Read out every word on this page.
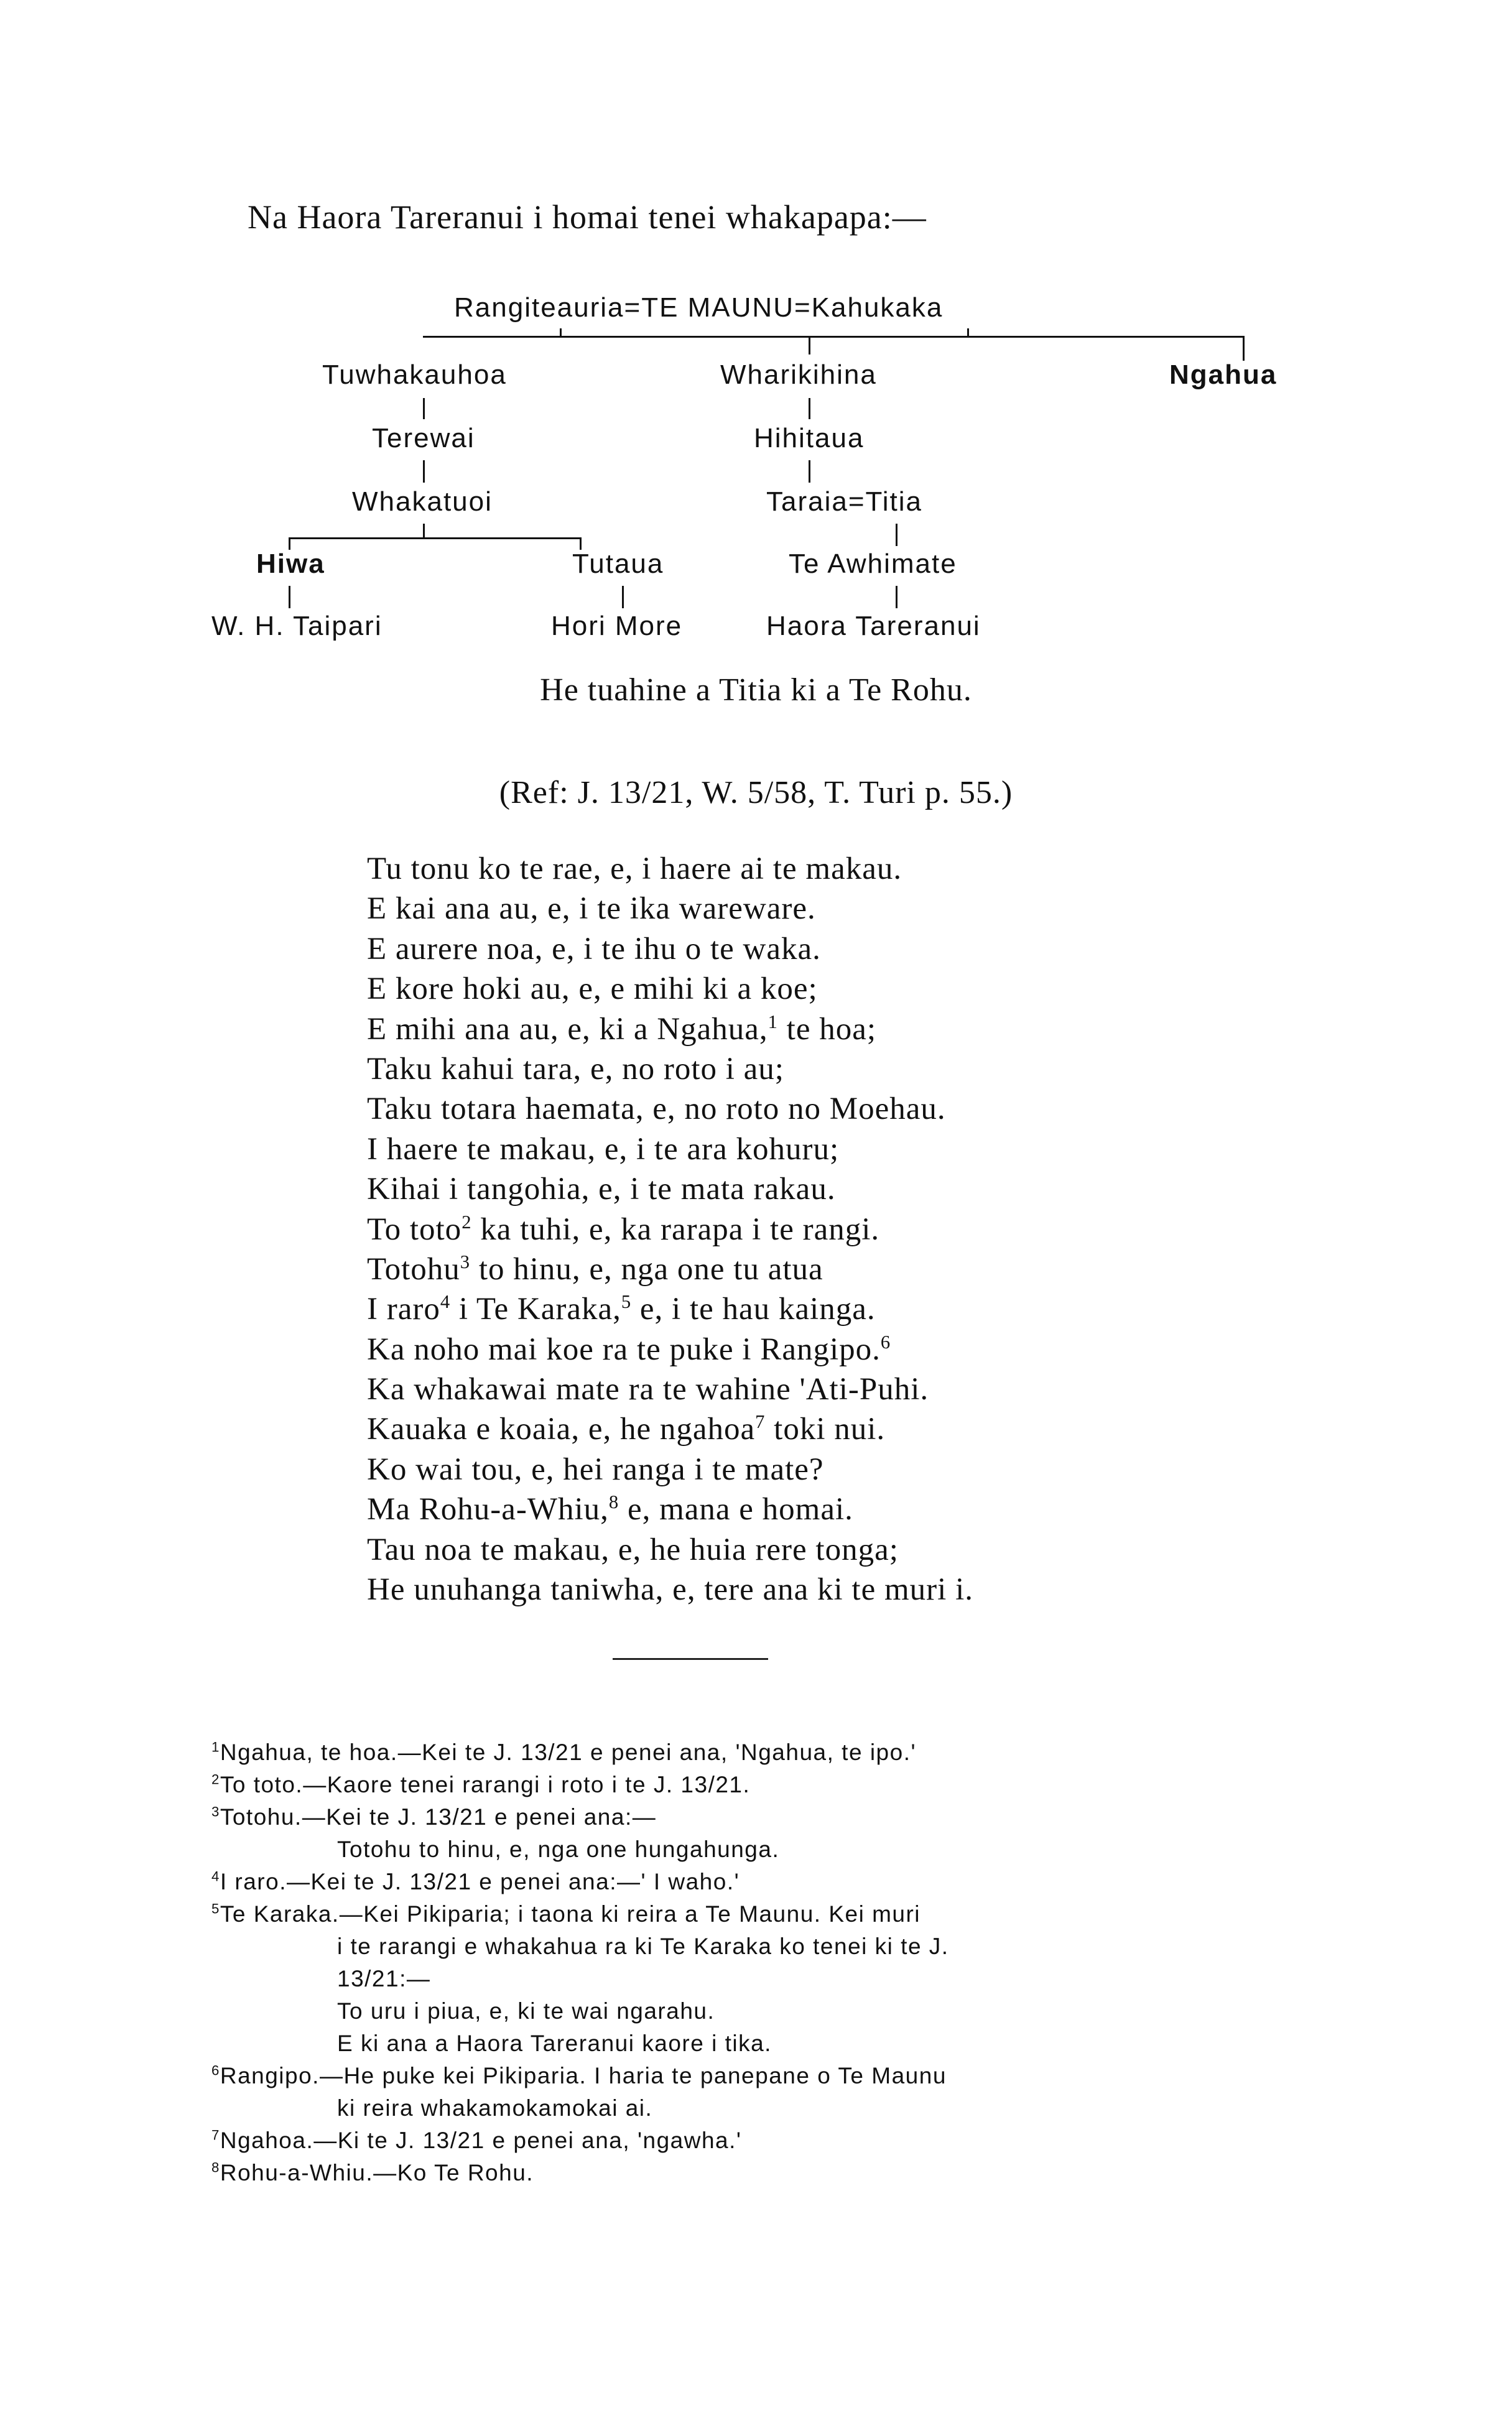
Na Haora Tareranui i homai tenei whakapapa:—
Rangiteauria=TE MAUNU=Kahukaka
Tuwhakauhoa
Terewai
Whakatuoi
Hiwa	Tutaua
W. H. Taipari	Hori More
Wharikihina
Hihitaua
Taraia=Titia
Te Awhimate
Haora Tareranui
Ngahua
He tuahine a Titia ki a Te Rohu.
(Ref: J. 13/21, W. 5/58, T. Turi p. 55.)
Tu tonu ko te rae, e, i haere ai te makau.
E kai ana au, e, i te ika wareware.
E aurere noa, e, i te ihu o te waka.
E kore hoki au, e, e mihi ki a koe;
E mihi ana au, e, ki a Ngahua,$^1$ te hoa;
Taku kahui tara, e, no roto i au;
Taku totara haemata, e, no roto no Moehau.
I haere te makau, e, i te ara kohuru;
Kihai i tangohia, e, i te mata rakau.
To toto$^2$ ka tuhi, e, ka rarapa i te rangi.
Totohu$^3$ to hinu, e, nga one tu atua
I raro$^4$ i Te Karaka,$^5$ e, i te hau kainga.
Ka noho mai koe ra te puke i Rangipo.$^6$
Ka whakawai mate ra te wahine 'Ati-Puhi.
Kauaka e koaia, e, he ngahoa$^7$ toki nui.
Ko wai tou, e, hei ranga i te mate?
Ma Rohu-a-Whiu,$^8$ e, mana e homai.
Tau noa te makau, e, he huia rere tonga;
He unuhanga taniwha, e, tere ana ki te muri i.
$^1$Ngahua, te hoa.—Kei te J. 13/21 e penei ana, 'Ngahua, te ipo.'
$^2$To toto.—Kaore tenei rarangi i roto i te J. 13/21.
$^3$Totohu.—Kei te J. 13/21 e penei ana:—
Totohu to hinu, e, nga one hungahunga.
$^4$I raro.—Kei te J. 13/21 e penei ana:—' I waho.'
$^5$Te Karaka.—Kei Pikiparia; i taona ki reira a Te Maunu. Kei muri
i te rarangi e whakahua ra ki Te Karaka ko tenei ki te J.
13/21:—
To uru i piua, e, ki te wai ngarahu.
E ki ana a Haora Tareranui kaore i tika.
$^6$Rangipo.—He puke kei Pikiparia. I haria te panepane o Te Maunu
ki reira whakamokamokai ai.
$^7$Ngahoa.—Ki te J. 13/21 e penei ana, 'ngawha.'
$^8$Rohu-a-Whiu.—Ko Te Rohu.
